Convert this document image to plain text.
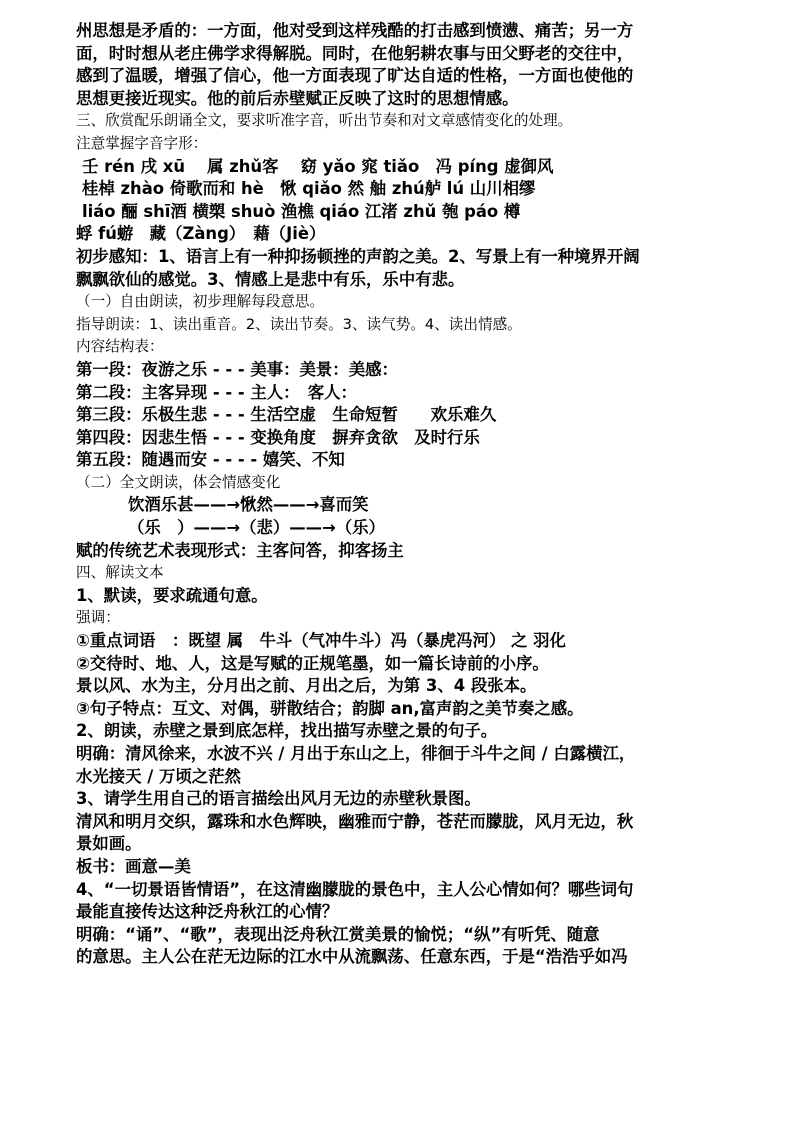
州思想是矛盾的：一方面，他对受到这样残酷的打击感到愤懑、痛苦；另一方
面，时时想从老庄佛学求得解脱。同时，在他躬耕农事与田父野老的交往中，
感到了温暖，增强了信心，他一方面表现了旷达自适的性格，一方面也使他的
思想更接近现实。他的前后赤壁赋正反映了这时的思想情感。
三、欣赏配乐朗诵全文，要求听准字音，听出节奏和对文章感情变化的处理。
注意掌握字音字形：
壬 rén 戌 xū　 属 zhǔ客　 窈 yǎo 窕 tiǎo　冯 píng 虚御风
桂棹 zhào 倚歌而和 hè　愀 qiǎo 然 舳 zhú舻 lú 山川相缪
liáo 酾 shī酒 横槊 shuò 渔樵 qiáo 江渚 zhǔ 匏 páo 樽
蜉 fú蝣　藏（Zàng）　藉（Jiè）
初步感知：1、语言上有一种抑扬顿挫的声韵之美。2、写景上有一种境界开阔
飘飘欲仙的感觉。3、情感上是悲中有乐，乐中有悲。
（一）自由朗读，初步理解每段意思。
指导朗读：1、读出重音。2、读出节奏。3、读气势。4、读出情感。
内容结构表：
第一段：夜游之乐 - - - 美事：美景：美感：
第二段：主客异现 - - - 主人：　客人：
第三段：乐极生悲 - - - 生活空虚　生命短暂　　欢乐难久
第四段：因悲生悟 - - - 变换角度　摒弃贪欲　及时行乐
第五段：随遇而安 - - - - 嬉笑、不知
（二）全文朗读，体会情感变化
饮酒乐甚——→愀然——→喜而笑
（乐　）——→（悲）——→（乐）
赋的传统艺术表现形式：主客问答，抑客扬主
四、解读文本
1、默读，要求疏通句意。
强调：
①重点词语　：既望 属　牛斗（气冲牛斗）冯（暴虎冯河） 之 羽化
②交待时、地、人，这是写赋的正规笔墨，如一篇长诗前的小序。
景以风、水为主，分月出之前、月出之后，为第 3、4 段张本。
③句子特点：互文、对偶，骈散结合；韵脚 an,富声韵之美节奏之感。
2、朗读，赤壁之景到底怎样，找出描写赤壁之景的句子。
明确：清风徐来，水波不兴 / 月出于东山之上，徘徊于斗牛之间 / 白露横江，
水光接天 / 万顷之茫然
3、请学生用自己的语言描绘出风月无边的赤壁秋景图。
清风和明月交织，露珠和水色辉映，幽雅而宁静，苍茫而朦胧，风月无边，秋
景如画。
板书：画意—美
4、“一切景语皆情语”，在这清幽朦胧的景色中，主人公心情如何？哪些词句
最能直接传达这种泛舟秋江的心情？
明确：“诵”、“歌”，表现出泛舟秋江赏美景的愉悦；“纵”有听凭、随意
的意思。主人公在茫无边际的江水中从流飘荡、任意东西，于是“浩浩乎如冯
